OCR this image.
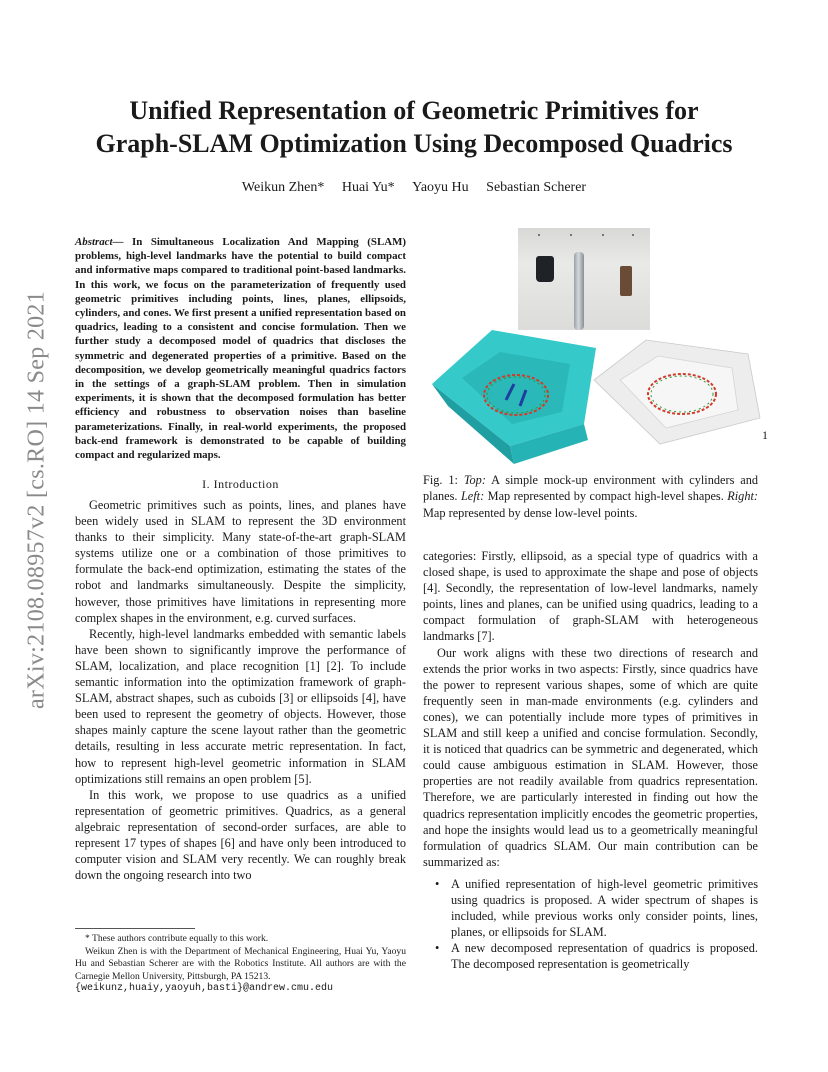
arXiv:2108.08957v2 [cs.RO] 14 Sep 2021
Unified Representation of Geometric Primitives for
Graph-SLAM Optimization Using Decomposed Quadrics
Weikun Zhen* Huai Yu* Yaoyu Hu Sebastian Scherer

Abstract— In Simultaneous Localization And Mapping (SLAM) problems, high-level landmarks have the potential to build compact and informative maps compared to traditional point-based landmarks. In this work, we focus on the parameterization of frequently used geometric primitives including points, lines, planes, ellipsoids, cylinders, and cones. We first present a unified representation based on quadrics, leading to a consistent and concise formulation. Then we further study a decomposed model of quadrics that discloses the symmetric and degenerated properties of a primitive. Based on the decomposition, we develop geometrically meaningful quadrics factors in the settings of a graph-SLAM problem. Then in simulation experiments, it is shown that the decomposed formulation has better efficiency and robustness to observation noises than baseline parameterizations. Finally, in real-world experiments, the proposed back-end framework is demonstrated to be capable of building compact and regularized maps.

I. Introduction

Geometric primitives such as points, lines, and planes have been widely used in SLAM to represent the 3D environment thanks to their simplicity. Many state-of-the-art graph-SLAM systems utilize one or a combination of those primitives to formulate the back-end optimization, estimating the states of the robot and landmarks simultaneously. Despite the simplicity, however, those primitives have limitations in representing more complex shapes in the environment, e.g. curved surfaces.

Recently, high-level landmarks embedded with semantic labels have been shown to significantly improve the performance of SLAM, localization, and place recognition [1] [2]. To include semantic information into the optimization framework of graph-SLAM, abstract shapes, such as cuboids [3] or ellipsoids [4], have been used to represent the geometry of objects. However, those shapes mainly capture the scene layout rather than the geometric details, resulting in less accurate metric representation. In fact, how to represent high-level geometric information in SLAM optimizations still remains an open problem [5].

In this work, we propose to use quadrics as a unified representation of geometric primitives. Quadrics, as a general algebraic representation of second-order surfaces, are able to represent 17 types of shapes [6] and have only been introduced to computer vision and SLAM very recently. We can roughly break down the ongoing research into two

* These authors contribute equally to this work.

Weikun Zhen is with the Department of Mechanical Engineering, Huai Yu, Yaoyu Hu and Sebastian Scherer are with the Robotics Institute. All authors are with the Carnegie Mellon University, Pittsburgh, PA 15213.

{weikunz,huaiy,yaoyuh,basti}@andrew.cmu.edu

1

Fig. 1: Top: A simple mock-up environment with cylinders and planes. Left: Map represented by compact high-level shapes. Right: Map represented by dense low-level points.

categories: Firstly, ellipsoid, as a special type of quadrics with a closed shape, is used to approximate the shape and pose of objects [4]. Secondly, the representation of low-level landmarks, namely points, lines and planes, can be unified using quadrics, leading to a compact formulation of graph-SLAM with heterogeneous landmarks [7].

Our work aligns with these two directions of research and extends the prior works in two aspects: Firstly, since quadrics have the power to represent various shapes, some of which are quite frequently seen in man-made environments (e.g. cylinders and cones), we can potentially include more types of primitives in SLAM and still keep a unified and concise formulation. Secondly, it is noticed that quadrics can be symmetric and degenerated, which could cause ambiguous estimation in SLAM. However, those properties are not readily available from quadrics representation. Therefore, we are particularly interested in finding out how the quadrics representation implicitly encodes the geometric properties, and hope the insights would lead us to a geometrically meaningful formulation of quadrics SLAM. Our main contribution can be summarized as:

• A unified representation of high-level geometric primitives using quadrics is proposed. A wider spectrum of shapes is included, while previous works only consider points, lines, planes, or ellipsoids for SLAM.
• A new decomposed representation of quadrics is proposed. The decomposed representation is geometrically
